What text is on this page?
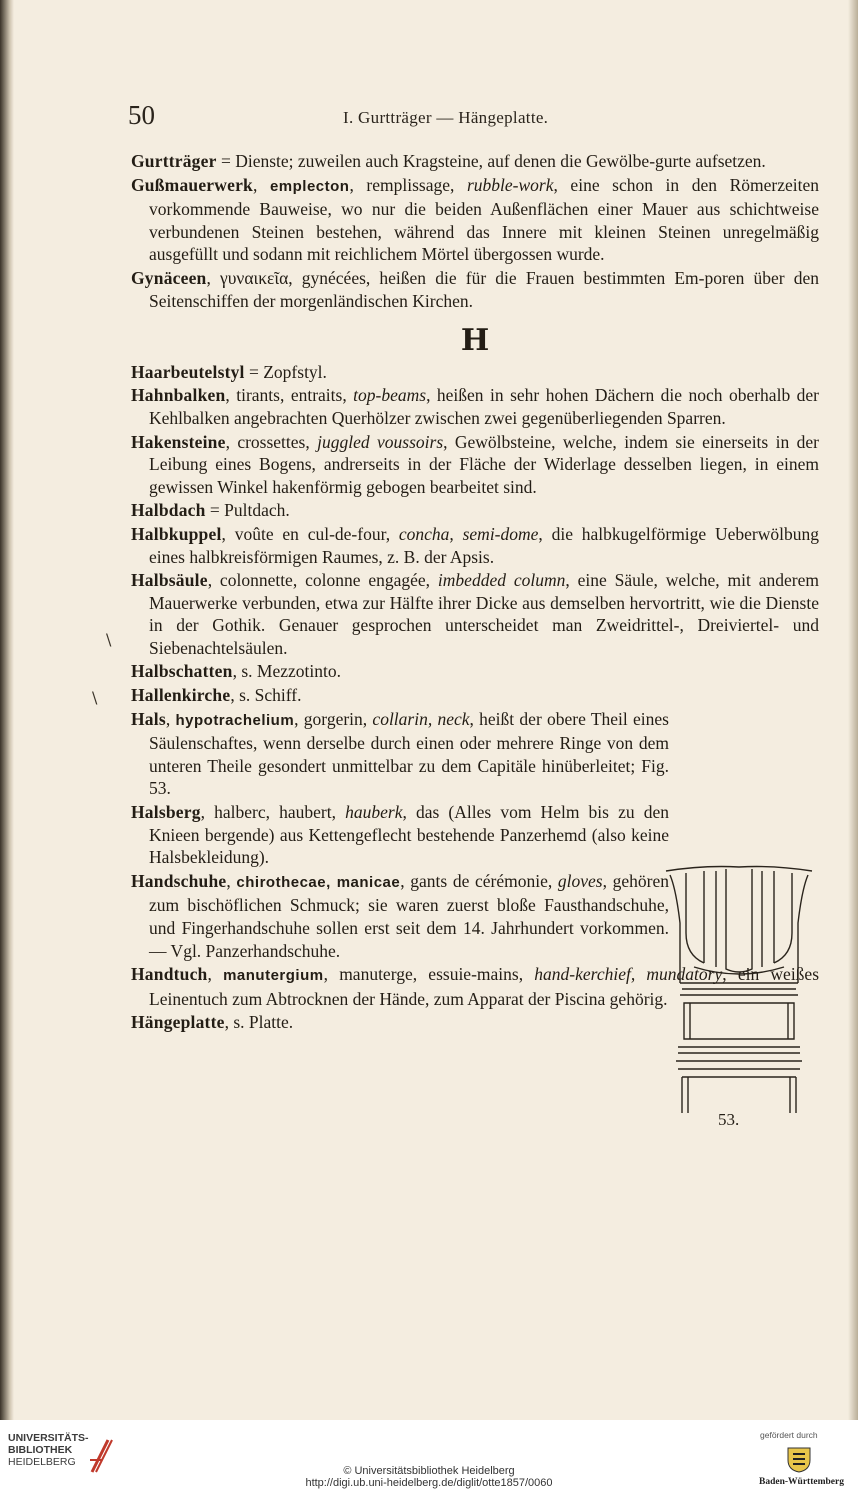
50	I. Gurtträger — Hängeplatte.

Gurtträger = Dienste; zuweilen auch Kragsteine, auf denen die Gewölbe-gurte aufsetzen.

Gußmauerwerk, emplecton, remplissage, rubble-work, eine schon in den Römerzeiten vorkommende Bauweise, wo nur die beiden Außenflächen einer Mauer aus schichtweise verbundenen Steinen bestehen, während das Innere mit kleinen Steinen unregelmäßig ausgefüllt und sodann mit reichlichem Mörtel übergossen wurde.

Gynäceen, γυναικεῖα, gynécées, heißen die für die Frauen bestimmten Em-poren über den Seitenschiffen der morgenländischen Kirchen.

H

Haarbeutelstyl = Zopfstyl.

Hahnbalken, tirants, entraits, top-beams, heißen in sehr hohen Dächern die noch oberhalb der Kehlbalken angebrachten Querhölzer zwischen zwei gegenüberliegenden Sparren.

Hakensteine, crossettes, juggled voussoirs, Gewölbsteine, welche, indem sie einerseits in der Leibung eines Bogens, andrerseits in der Fläche der Widerlage desselben liegen, in einem gewissen Winkel hakenförmig gebogen bearbeitet sind.

Halbdach = Pultdach.

Halbkuppel, voûte en cul-de-four, concha, semi-dome, die halbkugelförmige Ueberwölbung eines halbkreisförmigen Raumes, z. B. der Apsis.

Halbsäule, colonnette, colonne engagée, imbedded column, eine Säule, welche, mit anderem Mauerwerke verbunden, etwa zur Hälfte ihrer Dicke aus demselben hervortritt, wie die Dienste in der Gothik. Genauer gesprochen unterscheidet man Zweidrittel-, Dreiviertel- und Siebenachtelsäulen.

Halbschatten, s. Mezzotinto.

Hallenkirche, s. Schiff.

Hals, hypotrachelium, gorgerin, collarin, neck, heißt der obere Theil eines Säulenschaftes, wenn derselbe durch einen oder mehrere Ringe von dem unteren Theile gesondert unmittelbar zu dem Capitäle hinüberleitet; Fig. 53.

Halsberg, halberc, haubert, hauberk, das (Alles vom Helm bis zu den Knieen bergende) aus Kettengeflecht bestehende Panzerhemd (also keine Halsbekleidung).

Handschuhe, chirothecae, manicae, gants de cérémonie, gloves, gehören zum bischöflichen Schmuck; sie waren zuerst bloße Fausthandschuhe, und Fingerhandschuhe sollen erst seit dem 14. Jahrhundert vorkommen. — Vgl. Panzerhandschuhe.

Handtuch, manutergium, manuterge, essuie-mains, hand-kerchief, mundatory, ein weißes Leinentuch zum Abtrocknen der Hände, zum Apparat der Piscina gehörig.

Hängeplatte, s. Platte.

\
\
53.
UNIVERSITÄTS-
BIBLIOTHEK
HEIDELBERG
© Universitätsbibliothek Heidelberg
http://digi.ub.uni-heidelberg.de/diglit/otte1857/0060
gefördert durch
Baden-Württemberg
